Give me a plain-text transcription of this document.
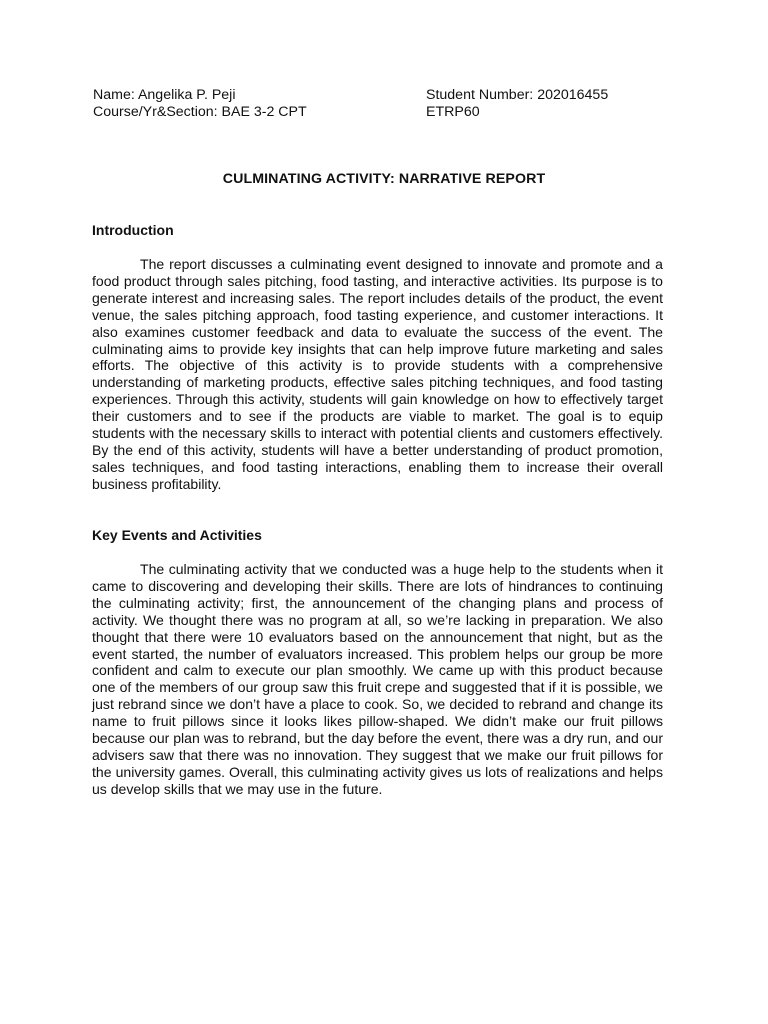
Name: Angelika P. Peji	Student Number: 202016455
Course/Yr&Section: BAE 3-2 CPT	ETRP60
CULMINATING ACTIVITY: NARRATIVE REPORT
Introduction

The report discusses a culminating event designed to innovate and promote and a food product through sales pitching, food tasting, and interactive activities. Its purpose is to generate interest and increasing sales. The report includes details of the product, the event venue, the sales pitching approach, food tasting experience, and customer interactions. It also examines customer feedback and data to evaluate the success of the event. The culminating aims to provide key insights that can help improve future marketing and sales efforts. The objective of this activity is to provide students with a comprehensive understanding of marketing products, effective sales pitching techniques, and food tasting experiences. Through this activity, students will gain knowledge on how to effectively target their customers and to see if the products are viable to market. The goal is to equip students with the necessary skills to interact with potential clients and customers effectively. By the end of this activity, students will have a better understanding of product promotion, sales techniques, and food tasting interactions, enabling them to increase their overall business profitability.

Key Events and Activities

The culminating activity that we conducted was a huge help to the students when it came to discovering and developing their skills. There are lots of hindrances to continuing the culminating activity; first, the announcement of the changing plans and process of activity. We thought there was no program at all, so we’re lacking in preparation. We also thought that there were 10 evaluators based on the announcement that night, but as the event started, the number of evaluators increased. This problem helps our group be more confident and calm to execute our plan smoothly. We came up with this product because one of the members of our group saw this fruit crepe and suggested that if it is possible, we just rebrand since we don’t have a place to cook. So, we decided to rebrand and change its name to fruit pillows since it looks likes pillow-shaped. We didn’t make our fruit pillows because our plan was to rebrand, but the day before the event, there was a dry run, and our advisers saw that there was no innovation. They suggest that we make our fruit pillows for the university games. Overall, this culminating activity gives us lots of realizations and helps us develop skills that we may use in the future.
